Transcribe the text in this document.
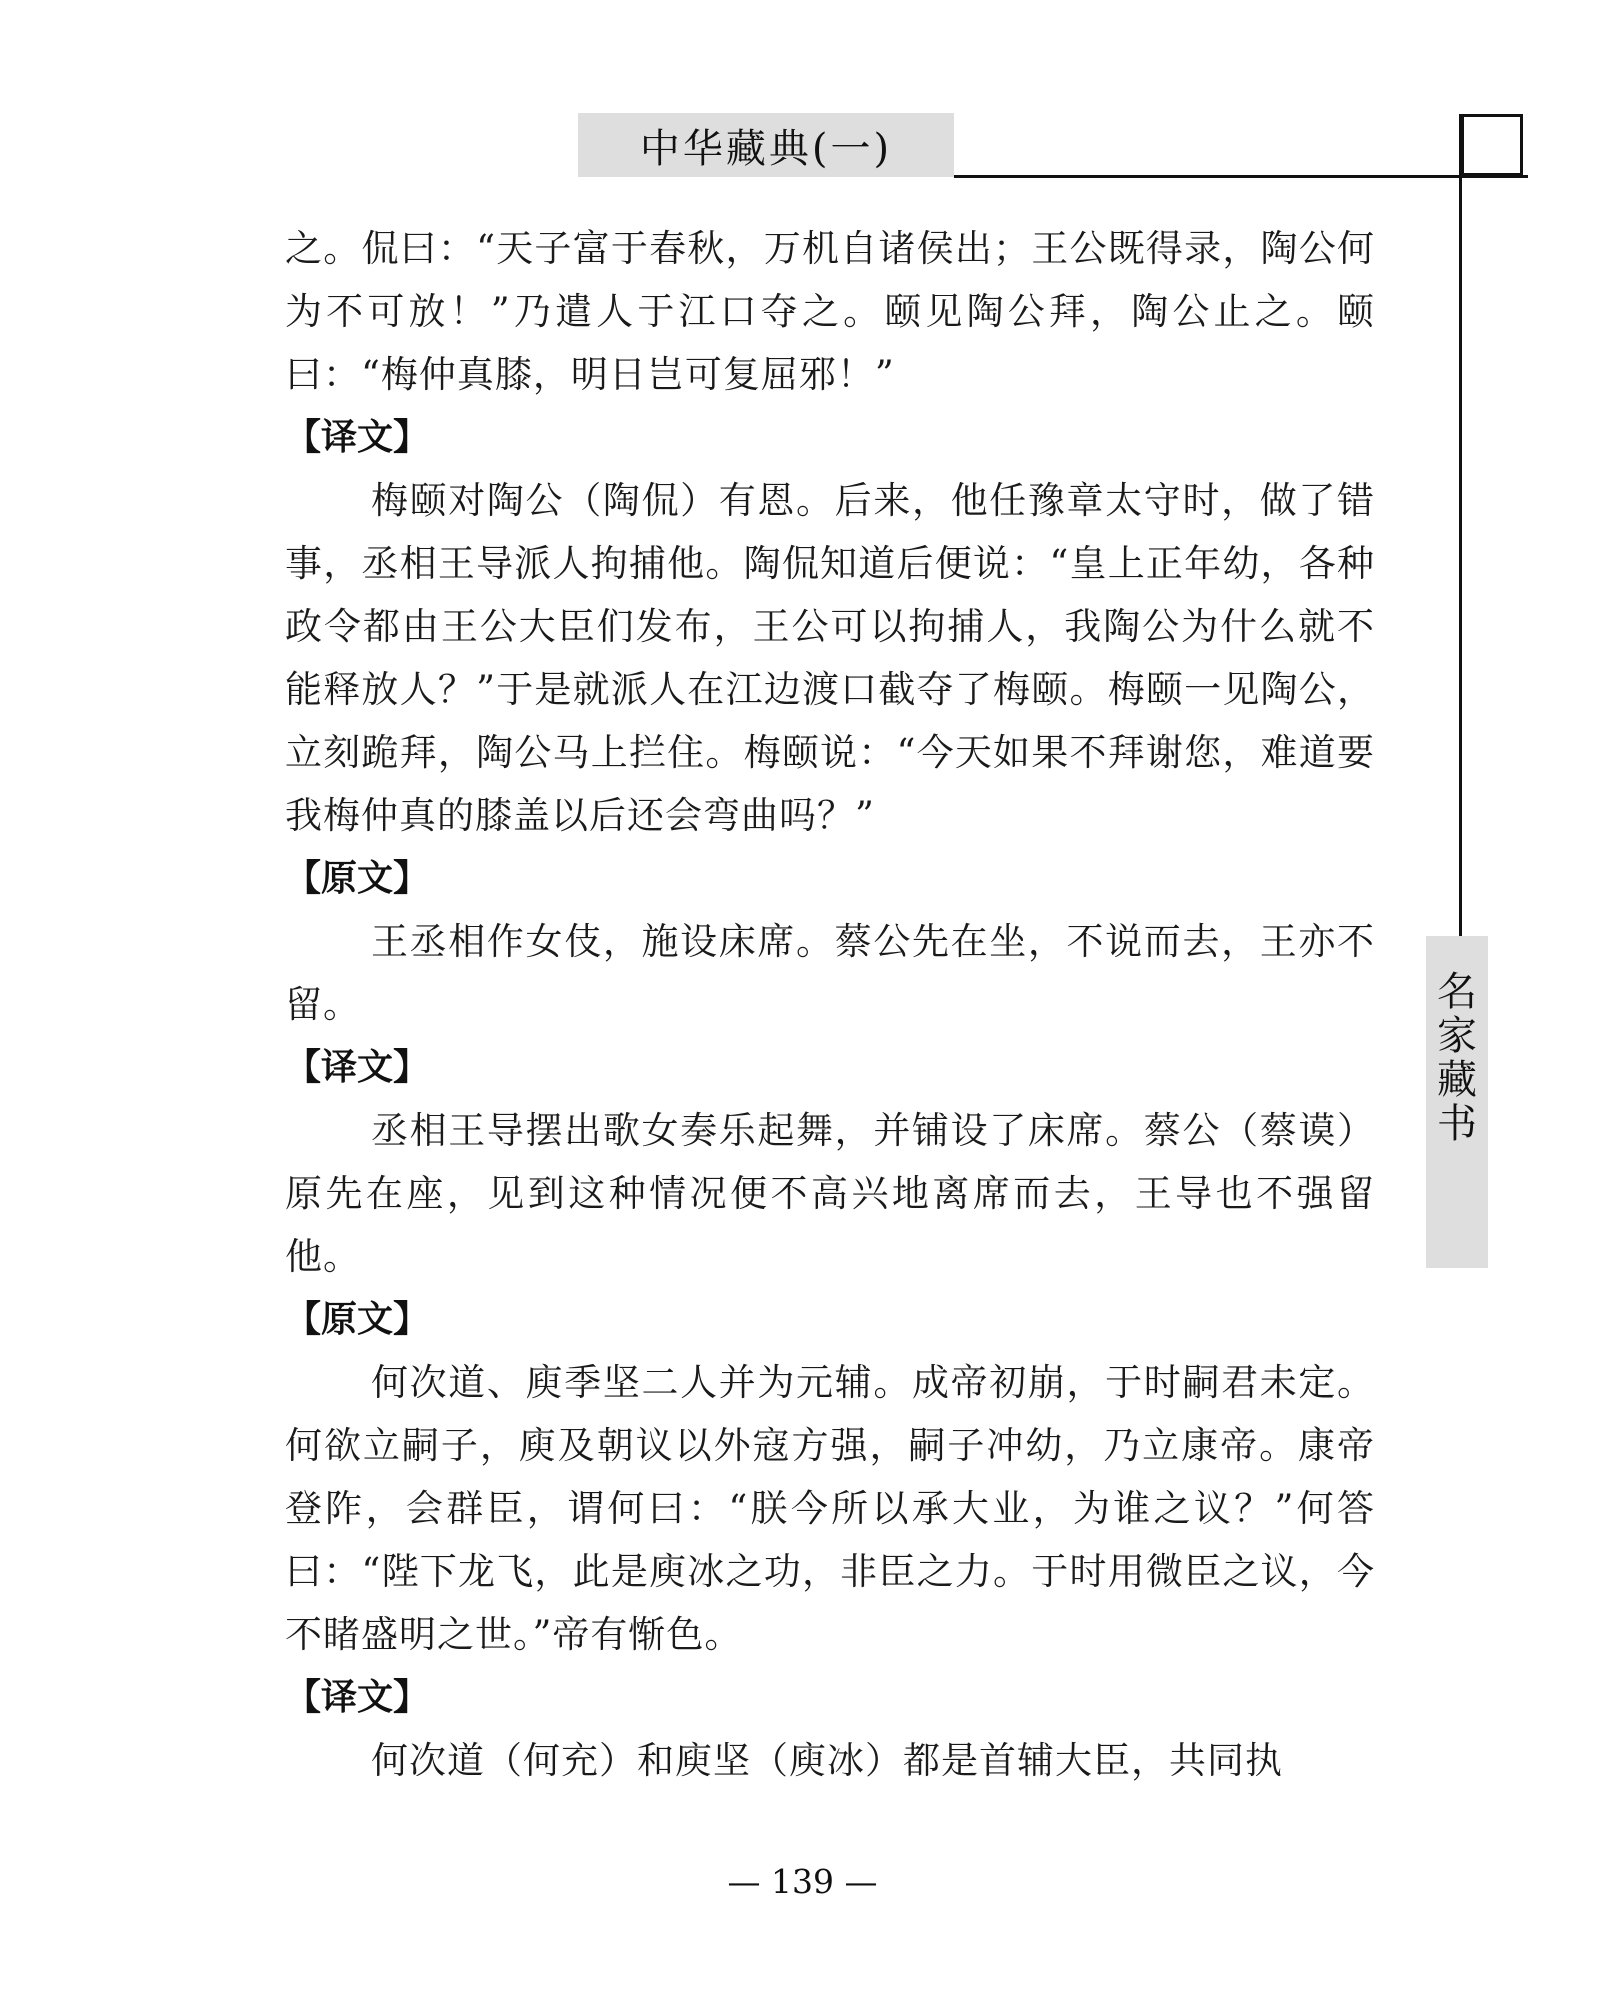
中华藏典(一)
名
家
藏
书

之。侃曰：“天子富于春秋，万机自诸侯出；王公既得录，陶公何为不可放！”乃遣人于江口夺之。颐见陶公拜，陶公止之。颐曰：“梅仲真膝，明日岂可复屈邪！”

【译文】

梅颐对陶公（陶侃）有恩。后来，他任豫章太守时，做了错事，丞相王导派人拘捕他。陶侃知道后便说：“皇上正年幼，各种政令都由王公大臣们发布，王公可以拘捕人，我陶公为什么就不能释放人？”于是就派人在江边渡口截夺了梅颐。梅颐一见陶公，立刻跪拜，陶公马上拦住。梅颐说：“今天如果不拜谢您，难道要我梅仲真的膝盖以后还会弯曲吗？”

【原文】

王丞相作女伎，施设床席。蔡公先在坐，不说而去，王亦不留。

【译文】

丞相王导摆出歌女奏乐起舞，并铺设了床席。蔡公（蔡谟）原先在座，见到这种情况便不高兴地离席而去，王导也不强留他。

【原文】

何次道、庾季坚二人并为元辅。成帝初崩，于时嗣君未定。何欲立嗣子，庾及朝议以外寇方强，嗣子冲幼，乃立康帝。康帝登阼，会群臣，谓何曰：“朕今所以承大业，为谁之议？”何答曰：“陛下龙飞，此是庾冰之功，非臣之力。于时用微臣之议，今不睹盛明之世。”帝有惭色。

【译文】

何次道（何充）和庾坚（庾冰）都是首辅大臣，共同执

— 139 —
